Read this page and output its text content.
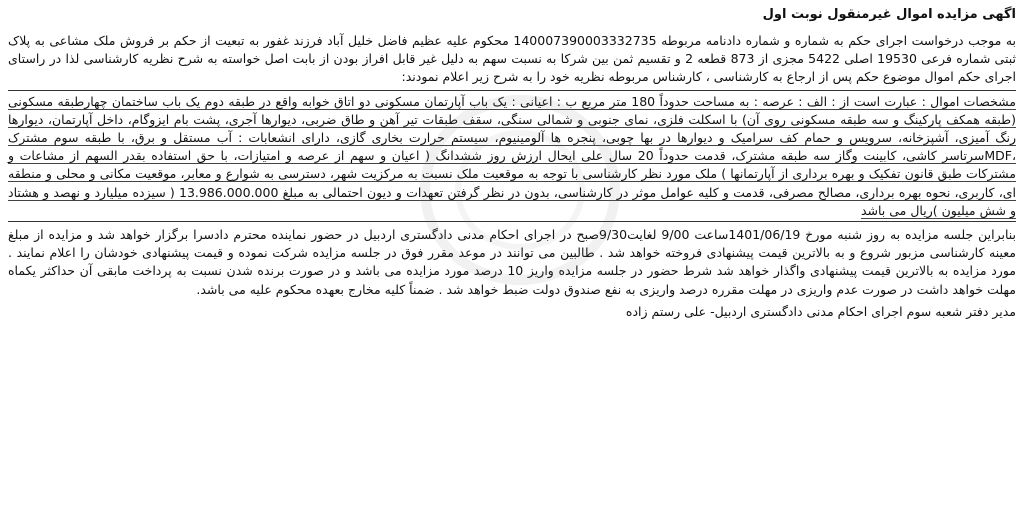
اگهی مزایده اموال غیرمنقول نوبت اول

به موجب درخواست اجرای حکم به شماره و شماره دادنامه مربوطه 140007390003332735 محکوم علیه عظیم فاضل خلیل آباد فرزند غفور به تبعیت از حکم بر فروش ملک مشاعی به پلاک ثبتی شماره فرعی 19530 اصلی 5422 مجزی از 873 قطعه 2 و تقسیم ثمن بین شرکا به نسبت سهم به دلیل غیر قابل افراز بودن از بابت اصل خواسته به شرح نظریه کارشناسی لذا در راستای اجرای حکم اموال موضوع حکم پس از ارجاع به کارشناسی ، کارشناس مربوطه نظریه خود را به شرح زیر اعلام نمودند:

مشخصات اموال : عبارت است از : الف : عرصه : به مساحت حدوداً 180 متر مربع ب : اعیانی : یک باب آپارتمان مسکونی دو اتاق خوابه واقع در طبقه دوم یک باب ساختمان چهارطبقه مسکونی (طبقه همکف پارکینگ و سه طبقه مسکونی روی آن) با اسکلت فلزی، نمای جنوبی و شمالی سنگی، سقف طبقات تیر آهن و طاق ضربی، دیوارها آجری، پشت بام ایزوگام، داخل آپارتمان، دیوارها رنگ آمیزی، آشپزخانه، سرویس و حمام کف سرامیک و دیوارها در بها چوبی، پنجره ها آلومینیوم، سیستم حرارت بخاری گازی، دارای انشعابات : آب مستقل و برق، با طبقه سوم مشترک ،MDFسرتاسر کاشی، کابینت وگاز سه طبقه مشترک، قدمت حدوداً 20 سال علی ایحال ارزش روز ششدانگ ( اعیان و سهم از عرصه و امتیازات، با حق استفاده بقدر السهم از مشاعات و مشترکات طبق قانون تفکیک و بهره برداری از آپارتمانها ) ملک مورد نظر کارشناسی با توجه به موقعیت ملک نسبت به مرکزیت شهر، دسترسی به شوارع و معابر، موقعیت مکانی و محلی و منطقه ای، کاربری، نحوه بهره برداری، مصالح مصرفی، قدمت و کلیه عوامل موثر در کارشناسی، بدون در نظر گرفتن تعهدات و دیون احتمالی به مبلغ 13.986.000.000 ( سیزده میلیارد و نهصد و هشتاد و شش میلیون )ریال می باشد

بنابراین جلسه مزایده به روز شنبه مورخ 1401/06/19ساعت 9/00 لغایت9/30صبح در اجرای احکام مدنی دادگستری اردبیل در حضور نماینده محترم دادسرا برگزار خواهد شد و مزایده از مبلغ معینه کارشناسی مزبور شروع و به بالاترین قیمت پیشنهادی فروخته خواهد شد . طالبین می توانند در موعد مقرر فوق در جلسه مزایده شرکت نموده و قیمت پیشنهادی خودشان را اعلام نمایند . مورد مزایده به بالاترین قیمت پیشنهادی واگذار خواهد شد شرط حضور در جلسه مزایده واریز 10 درصد مورد مزایده می باشد و در صورت برنده شدن نسبت به پرداخت مابقی آن حداکثر یکماه مهلت خواهد داشت در صورت عدم واریزی در مهلت مقرره درصد واریزی به نفع صندوق دولت ضبط خواهد شد . ضمناً کلیه مخارج بعهده محکوم علیه می باشد.

مدیر دفتر شعبه سوم اجرای احکام مدنی دادگستری اردبیل- علی رستم زاده
